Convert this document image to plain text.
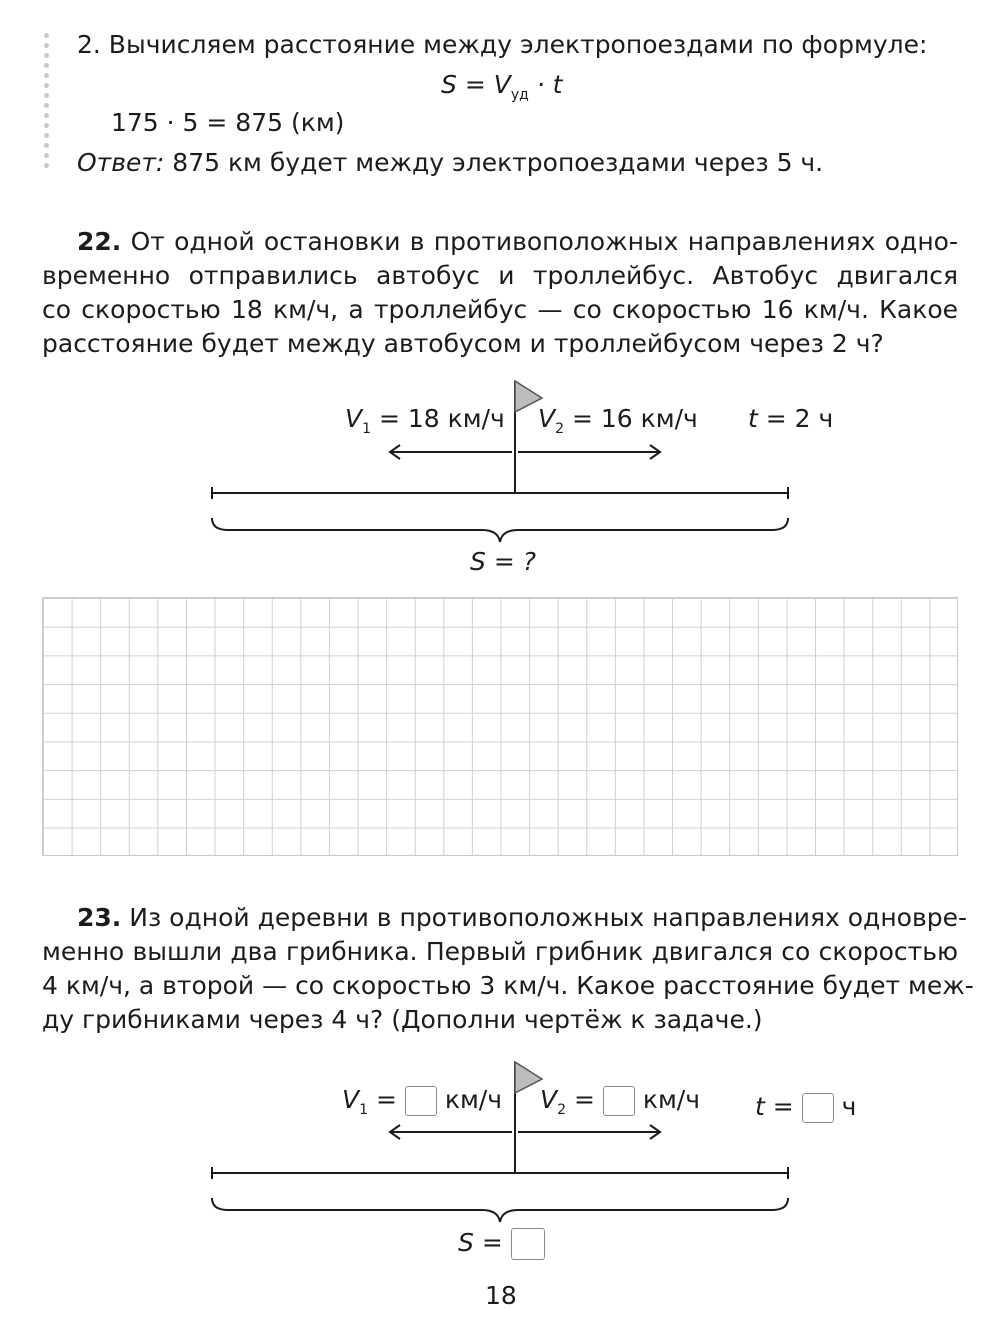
2. Вычисляем расстояние между электропоездами по формуле:
$S = V_{уд} \cdot t$
175 · 5 = 875 (км)
Ответ: 875 км будет между электропоездами через 5 ч.
22. От одной остановки в противоположных направлениях одно-
временно отправились автобус и троллейбус. Автобус двигался
со скоростью 18 км/ч, а троллейбус — со скоростью 16 км/ч. Какое
расстояние будет между автобусом и троллейбусом через 2 ч?
$V_1 = 18$ км/ч $V_2 = 16$ км/ч t = 2 ч
S = ?
23. Из одной деревни в противоположных направлениях одновре-
менно вышли два грибника. Первый грибник двигался со скоростью
4 км/ч, а второй — со скоростью 3 км/ч. Какое расстояние будет меж-
ду грибниками через 4 ч? (Дополни чертёж к задаче.)
$V_1 = км/ч$ $V_2 = км/ч$ t = ч
S =
18
